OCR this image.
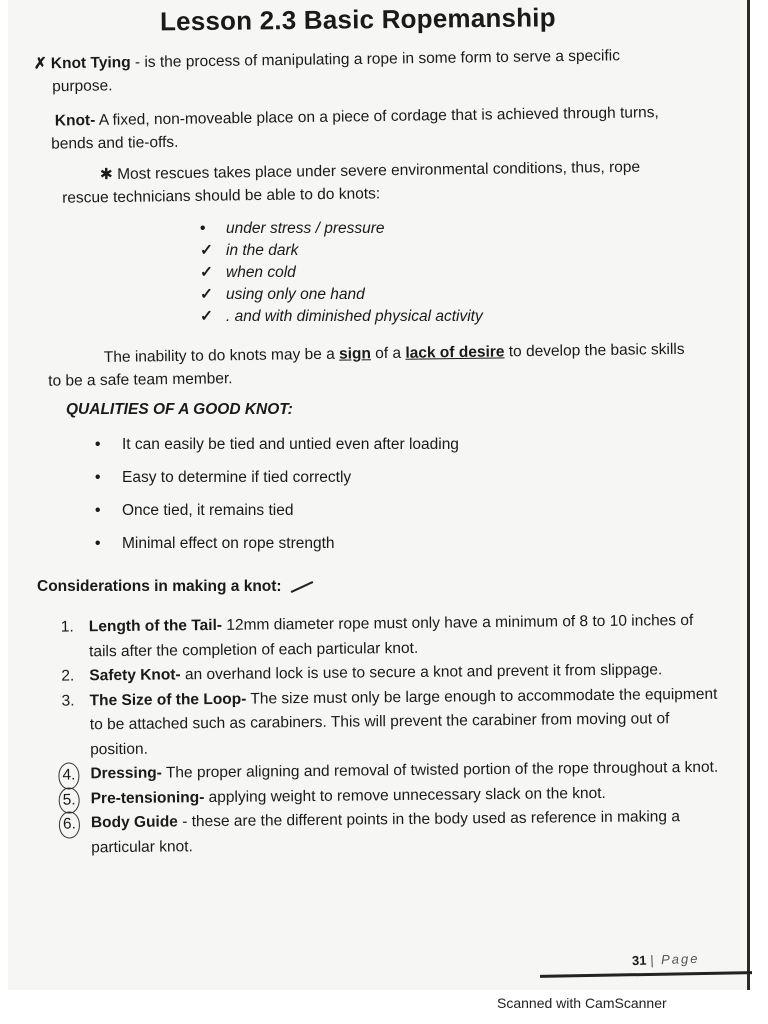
Lesson 2.3 Basic Ropemanship
✗ Knot Tying - is the process of manipulating a rope in some form to serve a specific
purpose.
Knot- A fixed, non-moveable place on a piece of cordage that is achieved through turns,
bends and tie-offs.
✱ Most rescues takes place under severe environmental conditions, thus, rope
rescue technicians should be able to do knots:
• under stress / pressure
✓ in the dark
✓ when cold
✓ using only one hand
✓ . and with diminished physical activity
The inability to do knots may be a sign of a lack of desire to develop the basic skills
to be a safe team member.
QUALITIES OF A GOOD KNOT:
• It can easily be tied and untied even after loading
• Easy to determine if tied correctly
• Once tied, it remains tied
• Minimal effect on rope strength
Considerations in making a knot:
1. Length of the Tail- 12mm diameter rope must only have a minimum of 8 to 10 inches of tails after the completion of each particular knot.
2. Safety Knot- an overhand lock is use to secure a knot and prevent it from slippage.
3. The Size of the Loop- The size must only be large enough to accommodate the equipment to be attached such as carabiners. This will prevent the carabiner from moving out of position.
4. Dressing- The proper aligning and removal of twisted portion of the rope throughout a knot.
5. Pre-tensioning- applying weight to remove unnecessary slack on the knot.
6. Body Guide - these are the different points in the body used as reference in making a particular knot.
31 | Page
Scanned with CamScanner
